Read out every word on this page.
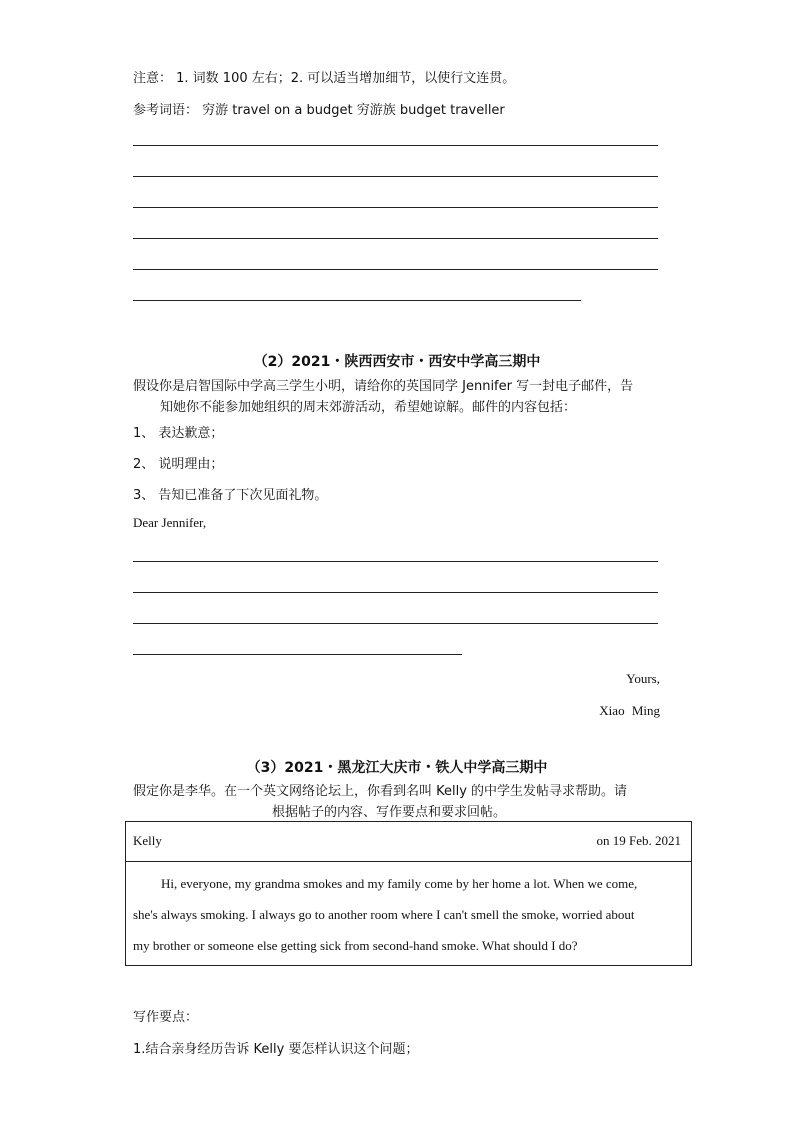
注意： 1. 词数 100 左右；2. 可以适当增加细节，以使行文连贯。
参考词语： 穷游 travel on a budget 穷游族 budget traveller
（2）2021・陕西西安市・西安中学高三期中
假设你是启智国际中学高三学生小明，请给你的英国同学 Jennifer 写一封电子邮件，告
知她你不能参加她组织的周末郊游活动，希望她谅解。邮件的内容包括：
1、 表达歉意；
2、 说明理由；
3、 告知已准备了下次见面礼物。
Dear Jennifer,
Yours,
Xiao Ming
（3）2021・黑龙江大庆市・铁人中学高三期中
假定你是李华。在一个英文网络论坛上，你看到名叫 Kelly 的中学生发帖寻求帮助。请
根据帖子的内容、写作要点和要求回帖。
Kelly	on 19 Feb. 2021
Hi, everyone, my grandma smokes and my family come by her home a lot. When we come,
she's always smoking. I always go to another room where I can't smell the smoke, worried about
my brother or someone else getting sick from second-hand smoke. What should I do?
写作要点：
1.结合亲身经历告诉 Kelly 要怎样认识这个问题；
